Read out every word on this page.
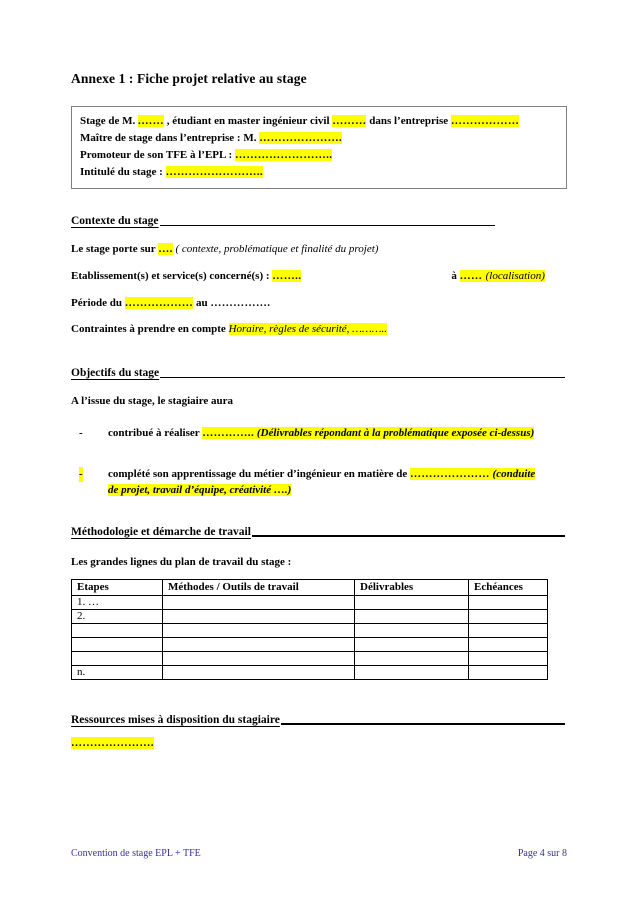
Annexe 1 : Fiche projet relative au stage
Stage de M. .…… , étudiant en master ingénieur civil ……… dans l’entreprise ………………
Maître de stage dans l’entreprise : M. ………………….
Promoteur de son TFE à l’EPL : ……………………..
Intitulé du stage : ……………………..
Contexte du stage
Le stage porte sur …. ( contexte, problématique et finalité du projet)
Etablissement(s) et service(s) concerné(s) : ……..	à …… (localisation)
Période du ……………… au …………….
Contraintes à prendre en compte Horaire, règles de sécurité, ………..
Objectifs du stage
A l’issue du stage, le stagiaire aura
- contribué à réaliser ………….. (Délivrables répondant à la problématique exposée ci-dessus)
- complété son apprentissage du métier d’ingénieur en matière de ………………… (conduite
de projet, travail d’équipe, créativité ….)
Méthodologie et démarche de travail
Les grandes lignes du plan de travail du stage :
Etapes	Méthodes / Outils de travail	Délivrables	Echéances
1. …			
2.			

n.			
Ressources mises à disposition du stagiaire
………………….
Convention de stage EPL + TFE	Page 4 sur 8
